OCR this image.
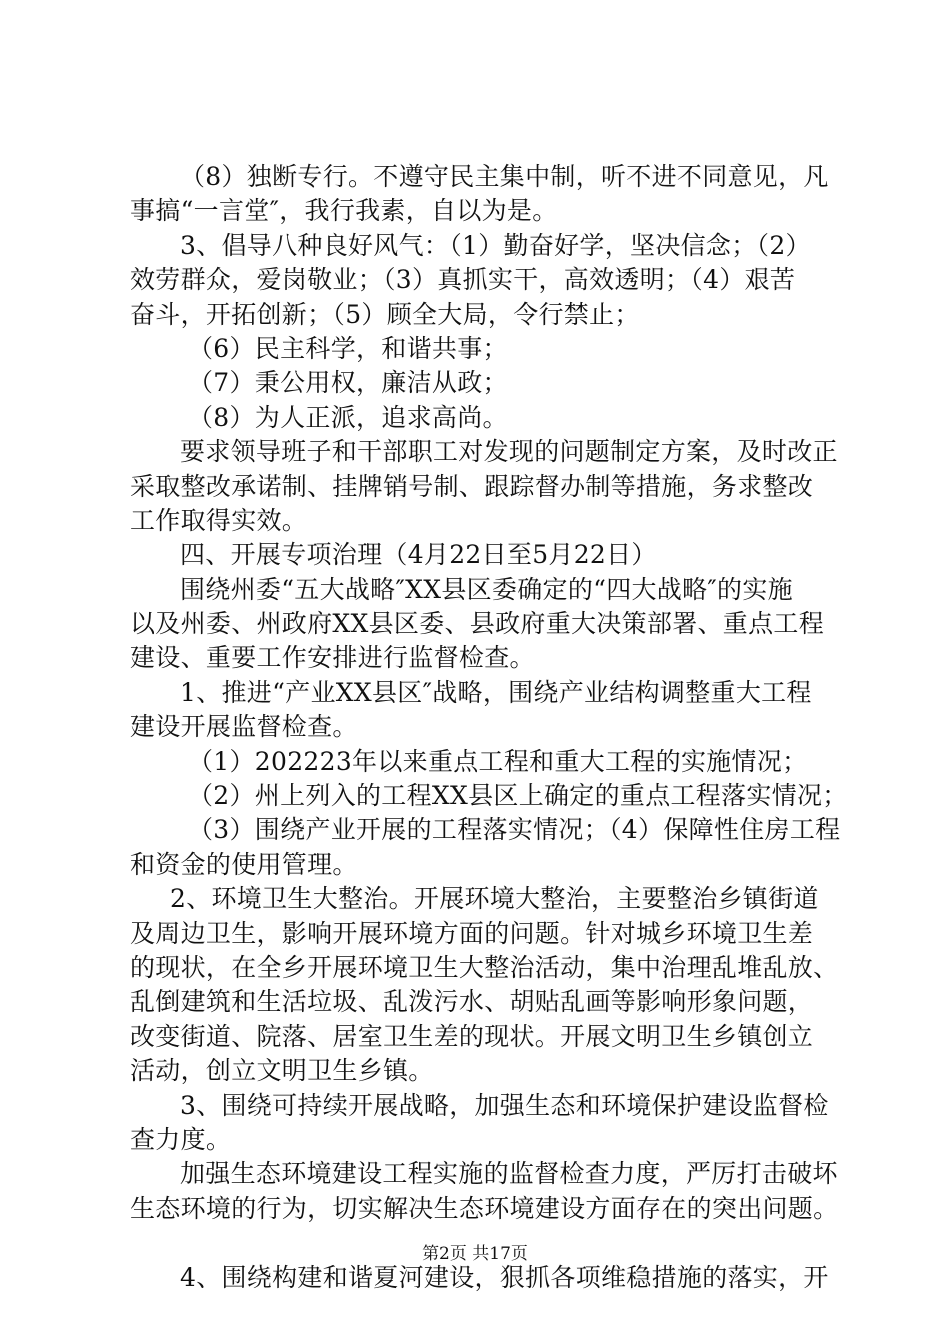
（8）独断专行。不遵守民主集中制，听不进不同意见，凡
事搞“一言堂″，我行我素，自以为是。
3、倡导八种良好风气：（1）勤奋好学，坚决信念；（2）
效劳群众，爱岗敬业；（3）真抓实干，高效透明；（4）艰苦
奋斗，开拓创新；（5）顾全大局，令行禁止；
（6）民主科学，和谐共事；
（7）秉公用权，廉洁从政；
（8）为人正派，追求高尚。
要求领导班子和干部职工对发现的问题制定方案，及时改正
采取整改承诺制、挂牌销号制、跟踪督办制等措施，务求整改
工作取得实效。
四、开展专项治理（4月22日至5月22日）
围绕州委“五大战略″XX县区委确定的“四大战略″的实施
以及州委、州政府XX县区委、县政府重大决策部署、重点工程
建设、重要工作安排进行监督检查。
1、推进“产业XX县区″战略，围绕产业结构调整重大工程
建设开展监督检查。
（1）202223年以来重点工程和重大工程的实施情况；
（2）州上列入的工程XX县区上确定的重点工程落实情况；
（3）围绕产业开展的工程落实情况；（4）保障性住房工程
和资金的使用管理。
2、环境卫生大整治。开展环境大整治，主要整治乡镇街道
及周边卫生，影响开展环境方面的问题。针对城乡环境卫生差
的现状，在全乡开展环境卫生大整治活动，集中治理乱堆乱放、
乱倒建筑和生活垃圾、乱泼污水、胡贴乱画等影响形象问题，
改变街道、院落、居室卫生差的现状。开展文明卫生乡镇创立
活动，创立文明卫生乡镇。
3、围绕可持续开展战略，加强生态和环境保护建设监督检
查力度。
加强生态环境建设工程实施的监督检查力度，严厉打击破坏
生态环境的行为，切实解决生态环境建设方面存在的突出问题。
4、围绕构建和谐夏河建设，狠抓各项维稳措施的落实，开
第2页 共17页
